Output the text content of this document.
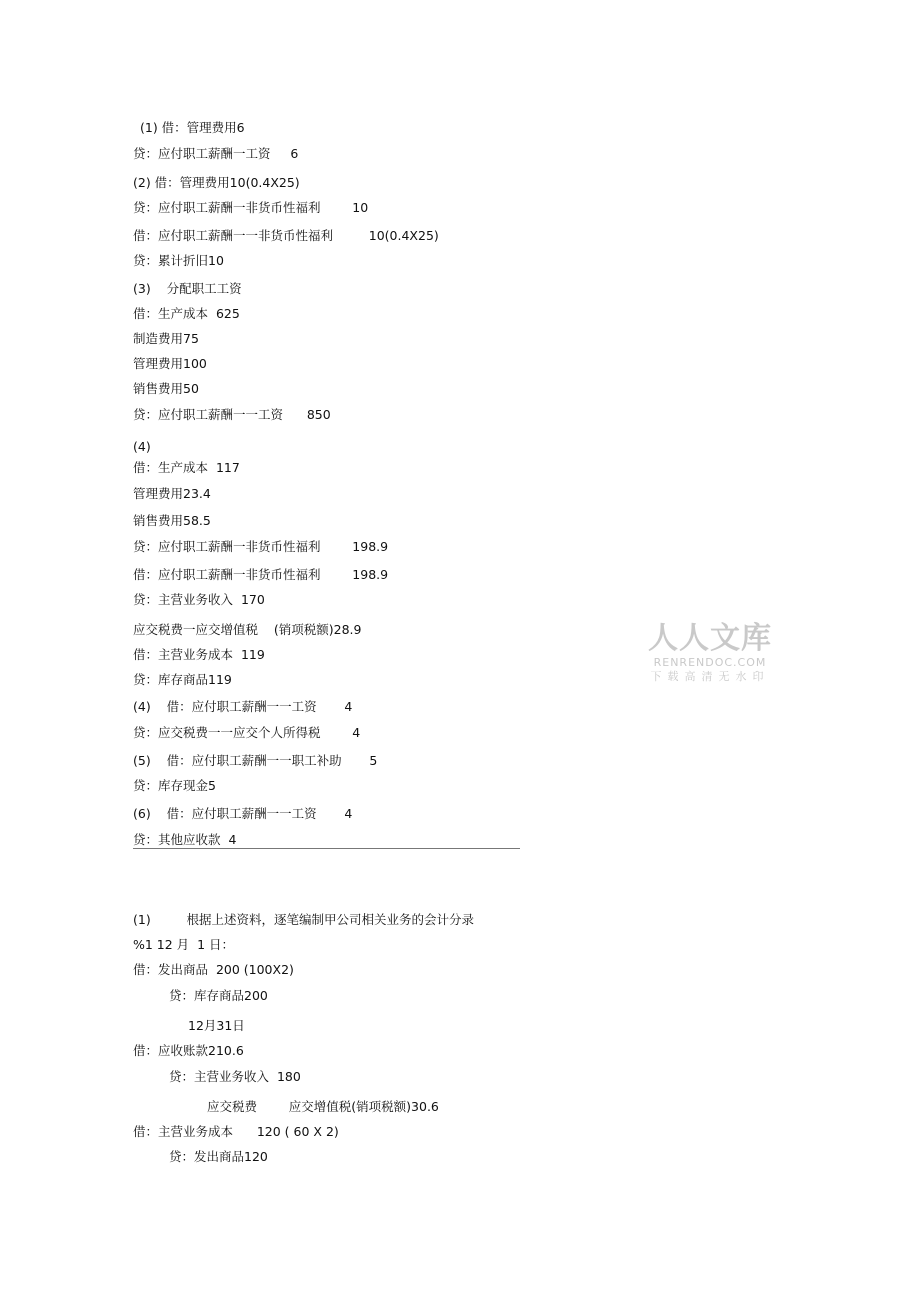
(1) 借：管理费用6
贷：应付职工薪酬一工资     6
(2) 借：管理费用10(0.4X25)
贷：应付职工薪酬一非货币性福利        10
借：应付职工薪酬一一非货币性福利         10(0.4X25)
贷：累计折旧10
(3)    分配职工工资
借：生产成本  625
制造费用75
管理费用100
销售费用50
贷：应付职工薪酬一一工资      850
(4)
借：生产成本  117
管理费用23.4
销售费用58.5
贷：应付职工薪酬一非货币性福利        198.9
借：应付职工薪酬一非货币性福利        198.9
贷：主营业务收入  170
应交税费一应交增值税    (销项税额)28.9
借：主营业务成本  119
贷：库存商品119
(4)    借：应付职工薪酬一一工资       4
贷：应交税费一一应交个人所得税        4
(5)    借：应付职工薪酬一一职工补助       5
贷：库存现金5
(6)    借：应付职工薪酬一一工资       4
贷：其他应收款  4
(1)         根据上述资料，逐笔编制甲公司相关业务的会计分录
%1 12 月  1 日：
借：发出商品  200 (100X2)
贷：库存商品200
12月31日
借：应收账款210.6
贷：主营业务收入  180
应交税费        应交增值税(销项税额)30.6
借：主营业务成本      120 ( 60 X 2)
贷：发出商品120
人人文库
RENRENDOC.COM
下载高清无水印
